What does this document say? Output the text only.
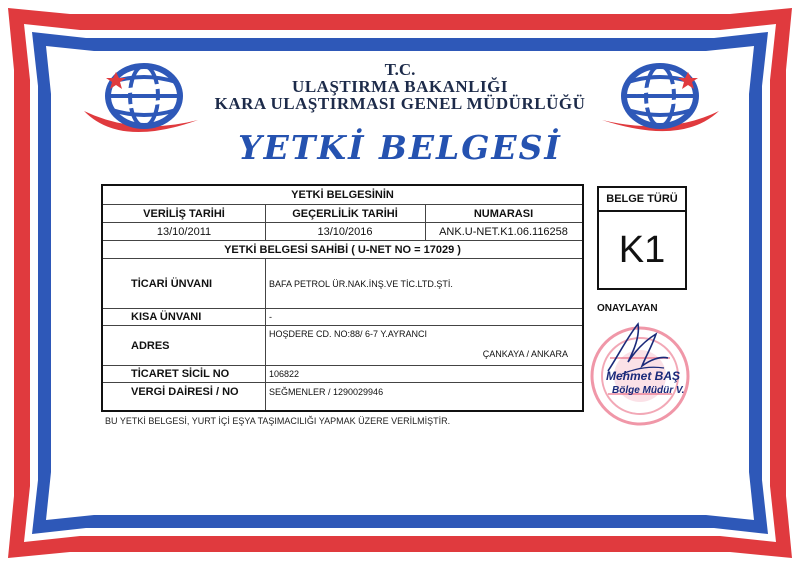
T.C.
ULAŞTIRMA BAKANLIĞI
KARA ULAŞTIRMASI GENEL MÜDÜRLÜĞÜ
YETKİ BELGESİ
YETKİ BELGESİNİN
VERİLİŞ TARİHİ	GEÇERLİLİK TARİHİ	NUMARASI
13/10/2011	13/10/2016	ANK.U-NET.K1.06.116258
YETKİ BELGESİ SAHİBİ ( U-NET NO = 17029 )
TİCARİ ÜNVANI	BAFA PETROL ÜR.NAK.İNŞ.VE TİC.LTD.ŞTİ.
KISA ÜNVANI	-
ADRES
HOŞDERE CD. NO:88/ 6-7 Y.AYRANCI
ÇANKAYA / ANKARA
TİCARET SİCİL NO	106822
VERGİ DAİRESİ / NO	SEĞMENLER / 1290029946
BU YETKİ BELGESİ, YURT İÇİ EŞYA TAŞIMACILIĞI YAPMAK ÜZERE VERİLMİŞTİR.
BELGE TÜRÜ
K1
ONAYLAYAN
Mehmet BAŞ
Bölge Müdür V.
